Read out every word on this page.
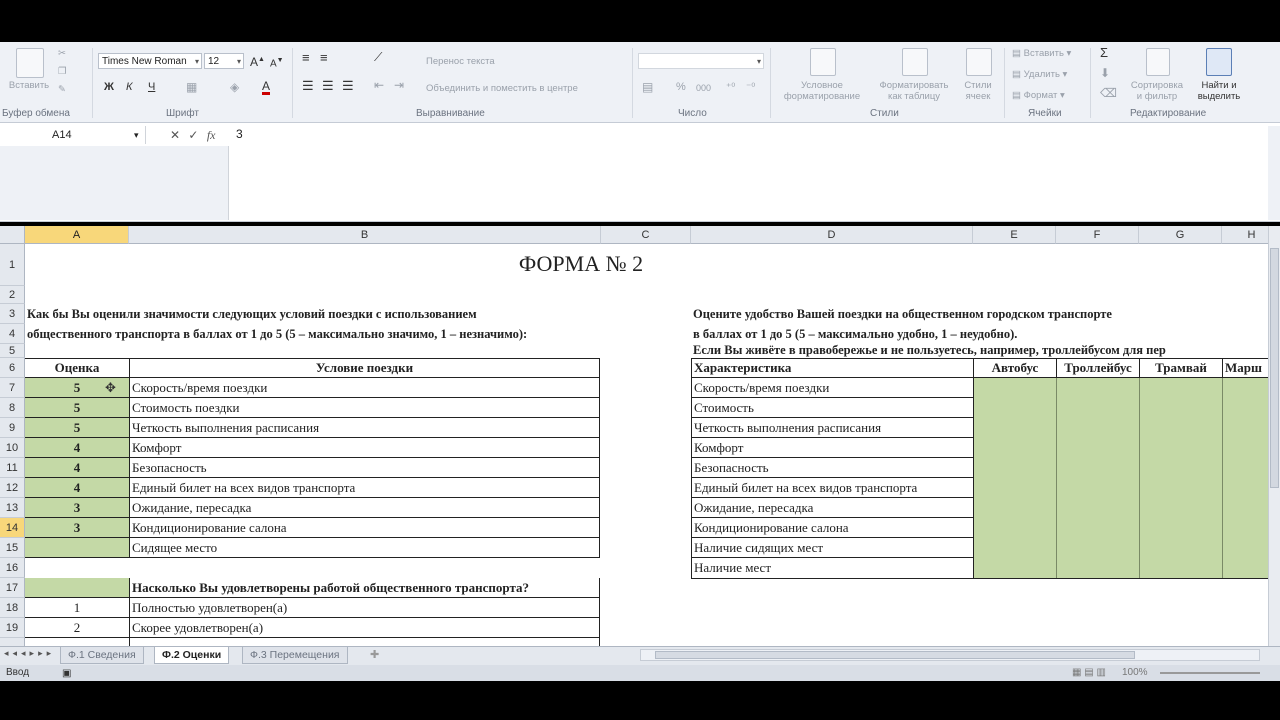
Вставить
✂
❐
✎
Буфер обмена
Times New Roman ▾ 12 ▾ A▲ A▼
Ж К Ч	▦	◈ A
Шрифт
≡ ≡	⟋
☰ ☰ ☰ ⇤ ⇥
Перенос текста
Объединить и поместить в центре
Выравнивание
▾
▤ % 000 ⁺⁰ ⁻⁰
Число
Условное
форматирование
Форматировать
как таблицу
Стили
ячеек
Стили
▤ Вставить ▾
▤ Удалить ▾
▤ Формат ▾
Ячейки
Σ
⬇
⌫
Сортировка
и фильтр
Найти и
выделить
Редактирование
A14	▾	✕ ✓ fx	3
A	B	C	D	E	F	G	H
1
2
3
4
5
6
7
8
9
10
11
12
13
14
15
16
17
18
19
ФОРМА № 2
Как бы Вы оценили значимости следующих условий поездки с использованием
общественного транспорта в баллах от 1 до 5 (5 – максимально значимо, 1 – незначимо):
Оцените удобство Вашей поездки на общественном городском транспорте
в баллах от 1 до 5 (5 – максимально удобно, 1 – неудобно).
Если Вы живёте в правобережье и не пользуетесь, например, троллейбусом для пер
Оценка	Условие поездки
5	Скорость/время поездки
5	Стоимость поездки
5	Четкость выполнения расписания
4	Комфорт
4	Безопасность
4	Единый билет на всех видов транспорта
3	Ожидание, пересадка
3	Кондиционирование салона
Сидящее место
✥
Насколько Вы удовлетворены работой общественного транспорта?
1	Полностью удовлетворен(а)
2	Скорее удовлетворен(а)
Характеристика	Автобус	Троллейбус	Трамвай	Марш
Скорость/время поездки
Стоимость
Четкость выполнения расписания
Комфорт
Безопасность
Единый билет на всех видов транспорта
Ожидание, пересадка
Кондиционирование салона
Наличие сидящих мест
Наличие мест
◂◂◂▸▸▸	Ф.1 Сведения	Ф.2 Оценки	Ф.3 Перемещения	✚
Ввод	▣	▦ ▤ ▥ 100%
